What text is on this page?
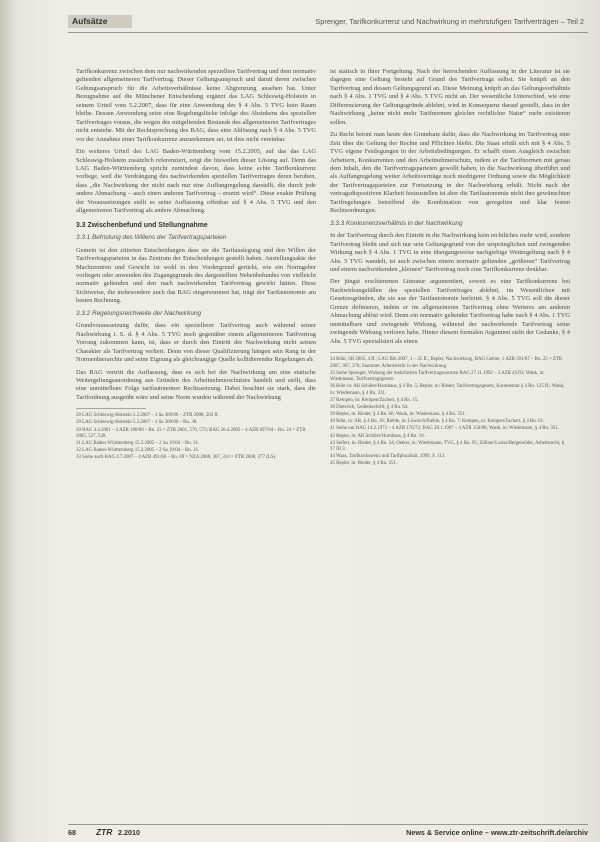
Aufsätze	Sprenger, Tarifkonkurrenz und Nachwirkung in mehrstufigen Tarifverträgen – Teil 2

Tarifkonkurrenz zwischen dem nur nachwirkenden speziellere Tarifvertrag und dem normativ geltenden allgemeineren Tarifvertrag. Dieser Geltungsanspruch und damit deren zwischen Geltungsanspruch für die Arbeitsverhältnisse keine Abgrenzung ansehen hat. Unter Bezugnahme auf die Münchener Entscheidung ergänzt das LAG Schleswig-Holstein in seinem Urteil vom 5.2.2007, dass für eine Anwendung des § 4 Abs. 5 TVG kein Raum bleibe. Dessen Anwendung setze eine Regelungslücke infolge des Absinkens des speziellen Tarifvertrages voraus, die wegen des mitgeltenden Bestands des allgemeineren Tarifvertrages nicht entstehe. Mit der Rechtsprechung des BAG, dass eine Ablösung nach § 4 Abs. 5 TVG vor der Annahme einer Tarifkonkurrenz anzuerkennen sei, ist dies nicht vereinbar.

Ein weiteres Urteil des LAG Baden-Württemberg vom 15.2.2005, auf das das LAG Schleswig-Holstein zusätzlich referenziert, zeigt die bisweilen dieser Lösung auf. Denn das LAG Baden-Württemberg spricht zumindest davon, dass keine echte Tarifkonkurrenz vorliege, weil die Verdrängung des nachwirkenden speziellen Tarifvertrages deren beruhen, dass „die Nachwirkung der nicht nach nur eine Auffangregelung darstellt, die durch jede andere Abmachung – auch einen anderen Tarifvertrag – ersetzt wird“. Diese exakte Prüfung der Voraussetzungen stellt es seine Auffassung offenbar auf § 4 Abs. 5 TVG und den allgemeineren Tarifvertrag als andere Abmachung.

3.3 Zwischenbefund und Stellungnahme
3.3.1 Befristung des Willens der Tarifvertragsparteien

Gemein ist den zitierten Entscheidungen dass sie die Tarifauslegung und den Willen der Tarifvertragsparteien in das Zentrum der Entscheidungen gestellt haben. Anstellungsakte der Machtzentren und Gewicht ist wohl in den Vordergrund gerückt, wie ein Normgeber vorliegen oder anwenden des Zugangsgrunds des dargestellten Nebenbefundes von vielleicht normativ geltenden und den nach nachwirkenden Tarifvertrag gewirkt hätten. Diese Sichtweise, die insbesondere auch das BAG eingenommen hat, trägt der Tarifautonomie am besten Rechnung.

3.3.2 Regelungsreichweite der Nachwirkung

Grundvoraussetzung dafür, dass ein speziellerer Tarifvertrag auch während seiner Nachwirkung i. S. d. § 4 Abs. 5 TVG noch gegenüber einem allgemeineren Tarifvertrag Vorrang zukommen kann, ist, dass er durch den Eintritt der Nachwirkung nicht seinen Charakter als Tarifvertrag verliert. Denn von dieser Qualifizierung hängen sein Rang in der Normenhierarchie und seine Eignung als gleichrangige Quelle kollidierender Regelungen ab.

Das BAG vertritt die Auffassung, dass es sich bei der Nachwirkung um eine statische Weitergeltungsanordnung aus Gründen des Arbeitnehmerschutzes handelt und stellt, dass eine unmittelbare Folge tarifautonomer Rechtssetzung. Dabei beachtet sie stark, dass die Tarifordnung ausgeübt wäre und seine Norm wurden während der Nachwirkung

28 LAG Schleswig-Holstein 5.2.2007 – 3 Sa 309/06 – ZTR 2008, 203 ff.
29 LAG Schleswig-Holstein 5.2.2007 – 3 Sa 309/06 – Rn. 38.
30 BAG 4.4.2001 – 4 AZR 180/00 – Rn. 23 = ZTR 2001, 570, 573; BAG 20.4.2005 – 4 AZR 697/04 – Rn. 24 = ZTR 2005, 527, 528.
31 LAG Baden-Württemberg 15.2.2005 – 2 Sa 19/04 – Rn. 31.
32 LAG Baden-Württemberg 15.2.2005 – 2 Sa 19/04 – Rn. 31.
33 Siehe auch BAG 4.7.2007 – 4 AZR 491/06 – Rn. 69 = NZA 2008, 307, 314 = ZTR 2008, 377 (LS).

ist statisch in ihrer Fortgeltung. Nach der herrschenden Auffassung in der Literatur ist sie dagegen eine Geltung besteht auf Grund des Tarifvertrags selbst. Sie knüpft an den Tarifvertrag und dessen Geltungsgrund an. Diese Meinung knüpft an das Geltungsverhältnis nach § 4 Abs. 1 TVG und § 4 Abs. 5 TVG nicht an. Der wesentliche Unterschied, wie eine Differenzierung der Geltungsgründe ablehnt, wird in Konsequenz darauf gestellt, dass in der Nachwirkung „keine nicht mehr Tarifnormen gleicher rechtlicher Natur“ mehr existieren sollen.

Zu Recht betont man heute den Grundsatz dafür, dass die Nachwirkung im Tarifvertrag eine Zeit über die Geltung der Rechte und Pflichten bleibt. Die Staat erhält sich mit § 4 Abs. 5 TVG eigene Festlegungen in der Arbeitsbedingungen. Er schafft einen Ausgleich zwischen Arbeitern, Konkurrenten und den Arbeitnehmerschutz, indem er die Tarifnormen mit genau dem Inhalt, den die Tarifvertragsparteien gewollt haben, in die Nachwirkung überführt und als Auffangregelung weiter Arbeitsverträge noch niedrigerer Ordnung sowie die Möglichkeit der Tarifvertragsparteien zur Fortsetzung in der Nachwirkung erhält. Nicht nach der vertragsdispositiven Klarheit festzustellen ist aber die Tarifautonomie nicht ihre gewünschten Tarifregelungen betreffend die Kombination von geregelten und klar festen Rechtsordnungen.

3.3.3 Konkurrenzverhältnis in der Nachwirkung

In der Tarifvertrag durch den Eintritt in die Nachwirkung kein rechtliches mehr wird, sondern Tarifvertrag bleibt und sich nur sein Geltungsgrund von der ursprünglichen und zwingenden Wirkung nach § 4 Abs. 1 TVG in eine übergangsweise nachgiebige Weitergeltung nach § 4 Abs. 5 TVG wandelt, ist auch zwischen einem normativ geltenden „größeren“ Tarifvertrag und einem nachwirkenden „kleinen“ Tarifvertrag noch eine Tarifkonkurrenz denkbar.

Der jüngst erschienenen Literatur argumentiert, soweit es eine Tarifkonkurrenz bei Nachwirkungsfällen des speziellen Tarifvertrages ablehnt, im Wesentlichen mit Gesetzesgründen, die sie aus der Tarifautonomie herleitet. § 4 Abs. 5 TVG soll die dieser Grenze definieren, indem er im allgemeineren Tarifvertrag ohne Weiteres am anderen Abmachung ablöst wird. Denn ein normativ geltender Tarifvertrag habe nach § 4 Abs. 1 TVG unmittelbare und zwingende Wirkung, während der nachwirkende Tarifvertrag seine zwingende Wirkung verloren habe. Hinter diesem formalen Argument steht der Gedanke, § 4 Abs. 5 TVG spezialisiert als einen

34 Röhr, SR 2005, 4 ff.; LAG Bln 2007, 1 – 25 ff.; Bepler, Nachwirkung, BAG Gebiet, 1 AZR 591/07 – Rn. 25 = ZTR 2007, 367, 376; Stammer, Arbeitsrecht in der Nachwirkung.
35 Siehe Sprenger, Wirkung der mehrfachen Tarifvertragsnormen BAG 27.11.1992 – 3 AZR 45/92; Wank, in: Wiedemann, Tarifvertragsgesetz.
36 Röhr in: AR Schüler/Hornbaus, § 4 Rn. 5; Bepler, in: Rieder, Tarifvertragsgesetz, Kommentar § 4 Rn. 125 ff.; Wank, in: Wiedemann, § 4 Rn. 331.
37 Kempen, in: Kempen/Zachert, § 4 Rn. 15.
38 Dieterich, Gedenkschrift, § 4 Rn. 64.
39 Bepler, in: Rieder, § 4 Rn. 66; Wank, in: Wiedemann, § 4 Rn. 351.
40 Röhr, in: AR, § 4 Rn. 16; Rieble, in: Löwisch/Rieble, § 4 Rn. 7; Kempen, in: Kempen/Zachert, § 4 Rn. 61.
41 Siehe nur BAG 14.2.1973 – 4 AZR 176/72; BAG 28.1.1987 – 4 AZR 150/86; Wank, in: Wiedemann, § 4 Rn. 351.
42 Bepler, in: AR Schüler/Hornbaus, § 4 Rn. 16.
43 Seifert, in: Rieder, § 4 Rn. 34; Oetker, in: Wiedemann, TVG, § 4 Rn. 95; Zöllner/Loritz/Hergenröder, Arbeitsrecht, § 37 III 3.
44 Waas, Tarifkonkurrenz und Tarifpluralität, 1999, S. 113.
45 Bepler, in: Rieder, § 4 Rn. 351.
68 ZTR 2.2010	News & Service online – www.ztr-zeitschrift.de/archiv
